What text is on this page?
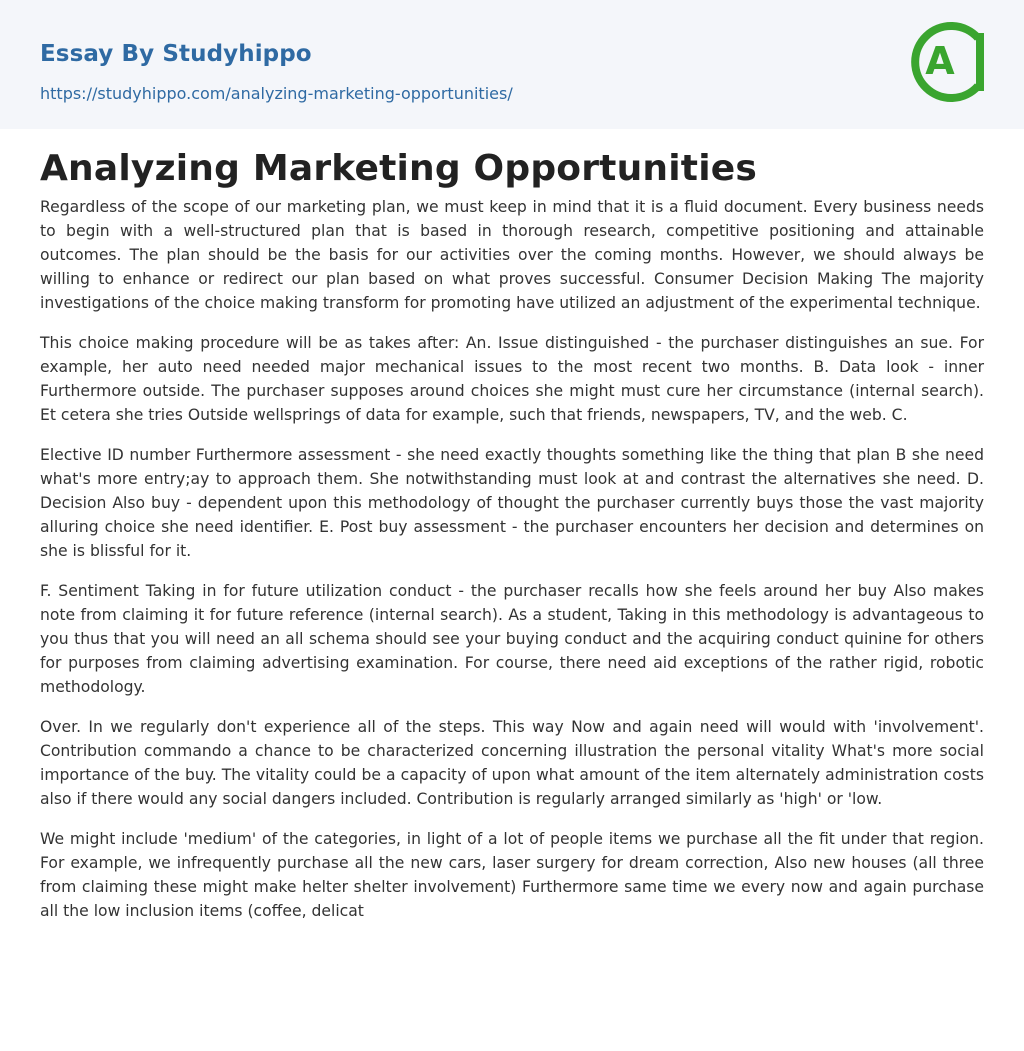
Essay By Studyhippo
https://studyhippo.com/analyzing-marketing-opportunities/
A
Analyzing Marketing Opportunities

Regardless of the scope of our marketing plan, we must keep in mind that it is a fluid document. Every business needs to begin with a well-structured plan that is based in thorough research, competitive positioning and attainable outcomes. The plan should be the basis for our activities over the coming months. However, we should always be willing to enhance or redirect our plan based on what proves successful. Consumer Decision Making The majority investigations of the choice making transform for promoting have utilized an adjustment of the experimental technique.

This choice making procedure will be as takes after: An. Issue distinguished - the purchaser distinguishes an sue. For example, her auto need needed major mechanical issues to the most recent two months. B. Data look - inner Furthermore outside. The purchaser supposes around choices she might must cure her circumstance (internal search). Et cetera she tries Outside wellsprings of data for example, such that friends, newspapers, TV, and the web. C.

Elective ID number Furthermore assessment - she need exactly thoughts something like the thing that plan B she need what's more entry;ay to approach them. She notwithstanding must look at and contrast the alternatives she need. D. Decision Also buy - dependent upon this methodology of thought the purchaser currently buys those the vast majority alluring choice she need identifier. E. Post buy assessment - the purchaser encounters her decision and determines on she is blissful for it.

F. Sentiment Taking in for future utilization conduct - the purchaser recalls how she feels around her buy Also makes note from claiming it for future reference (internal search). As a student, Taking in this methodology is advantageous to you thus that you will need an all schema should see your buying conduct and the acquiring conduct quinine for others for purposes from claiming advertising examination. For course, there need aid exceptions of the rather rigid, robotic methodology.

Over. In we regularly don't experience all of the steps. This way Now and again need will would with 'involvement'. Contribution commando a chance to be characterized concerning illustration the personal vitality What's more social importance of the buy. The vitality could be a capacity of upon what amount of the item alternately administration costs also if there would any social dangers included. Contribution is regularly arranged similarly as 'high' or 'low.

We might include 'medium' of the categories, in light of a lot of people items we purchase all the fit under that region. For example, we infrequently purchase all the new cars, laser surgery for dream correction, Also new houses (all three from claiming these might make helter shelter involvement) Furthermore same time we every now and again purchase all the low inclusion items (coffee, delicat
